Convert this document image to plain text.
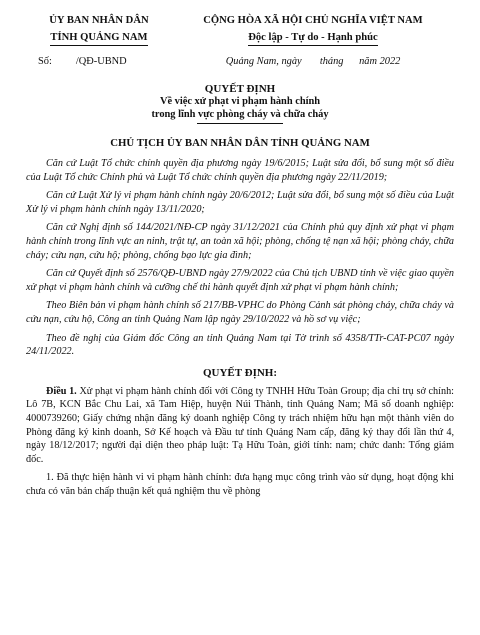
ỦY BAN NHÂN DÂN
TỈNH QUẢNG NAM
CỘNG HÒA XÃ HỘI CHỦ NGHĨA VIỆT NAM
Độc lập - Tự do - Hạnh phúc
Số: /QĐ-UBND	Quảng Nam, ngày       tháng      năm 2022
QUYẾT ĐỊNH
Về việc xử phạt vi phạm hành chính
trong lĩnh vực phòng cháy và chữa cháy
CHỦ TỊCH ỦY BAN NHÂN DÂN TỈNH QUẢNG NAM

Căn cứ Luật Tổ chức chính quyền địa phương ngày 19/6/2015; Luật sửa đổi, bổ sung một số điều của Luật Tổ chức Chính phủ và Luật Tổ chức chính quyền địa phương ngày 22/11/2019;

Căn cứ Luật Xử lý vi phạm hành chính ngày 20/6/2012; Luật sửa đổi, bổ sung một số điều của Luật Xử lý vi phạm hành chính ngày 13/11/2020;

Căn cứ Nghị định số 144/2021/NĐ-CP ngày 31/12/2021 của Chính phủ quy định xử phạt vi phạm hành chính trong lĩnh vực an ninh, trật tự, an toàn xã hội; phòng, chống tệ nạn xã hội; phòng cháy, chữa cháy; cứu nạn, cứu hộ; phòng, chống bạo lực gia đình;

Căn cứ Quyết định số 2576/QĐ-UBND ngày 27/9/2022 của Chủ tịch UBND tỉnh về việc giao quyền xử phạt vi phạm hành chính và cưỡng chế thi hành quyết định xử phạt vi phạm hành chính;

Theo Biên bản vi phạm hành chính số 217/BB-VPHC do Phòng Cảnh sát phòng cháy, chữa cháy và cứu nạn, cứu hộ, Công an tỉnh Quảng Nam lập ngày 29/10/2022 và hồ sơ vụ việc;

Theo đề nghị của Giám đốc Công an tỉnh Quảng Nam tại Tờ trình số 4358/TTr-CAT-PC07 ngày 24/11/2022.

QUYẾT ĐỊNH:

Điều 1. Xử phạt vi phạm hành chính đối với Công ty TNHH Hữu Toàn Group; địa chỉ trụ sở chính: Lô 7B, KCN Bắc Chu Lai, xã Tam Hiệp, huyện Núi Thành, tỉnh Quảng Nam; Mã số doanh nghiệp: 4000739260; Giấy chứng nhận đăng ký doanh nghiệp Công ty trách nhiệm hữu hạn một thành viên do Phòng đăng ký kinh doanh, Sở Kế hoạch và Đầu tư tỉnh Quảng Nam cấp, đăng ký thay đổi lần thứ 4, ngày 18/12/2017; người đại diện theo pháp luật: Tạ Hữu Toàn, giới tính: nam; chức danh: Tổng giám đốc.

1. Đã thực hiện hành vi vi phạm hành chính: đưa hạng mục công trình vào sử dụng, hoạt động khi chưa có văn bản chấp thuận kết quả nghiệm thu về phòng
